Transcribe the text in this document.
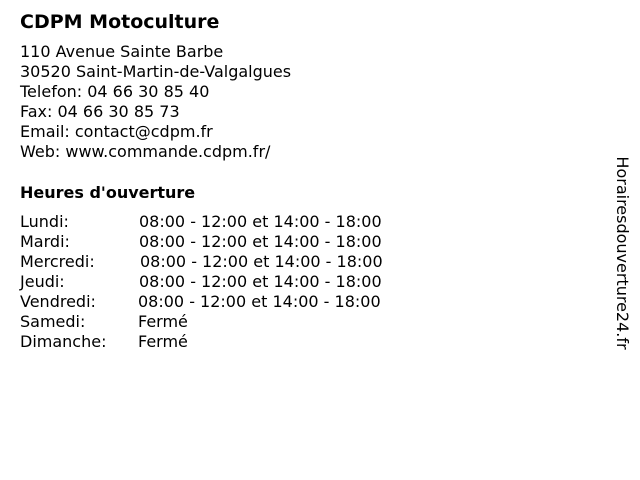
CDPM Motoculture
110 Avenue Sainte Barbe
30520 Saint-Martin-de-Valgalgues
Telefon: 04 66 30 85 40
Fax: 04 66 30 85 73
Email: contact@cdpm.fr
Web: www.commande.cdpm.fr/
Heures d'ouverture
Lundi:	08:00 - 12:00 et 14:00 - 18:00
Mardi:	08:00 - 12:00 et 14:00 - 18:00
Mercredi:	08:00 - 12:00 et 14:00 - 18:00
Jeudi:	08:00 - 12:00 et 14:00 - 18:00
Vendredi:	08:00 - 12:00 et 14:00 - 18:00
Samedi:	Fermé
Dimanche:	Fermé	Horairesdouverture24.fr
